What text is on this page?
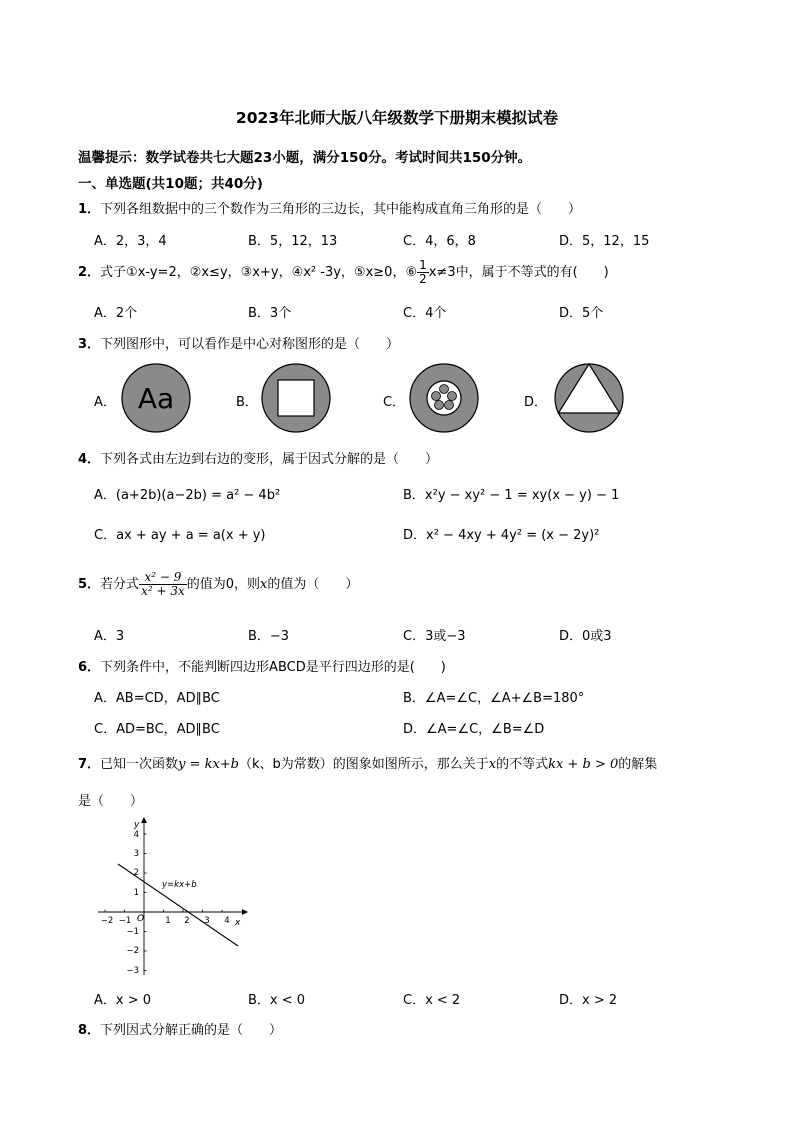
2023年北师大版八年级数学下册期末模拟试卷
温馨提示：数学试卷共七大题23小题，满分150分。考试时间共150分钟。
一、单选题(共10题；共40分)
1．下列各组数据中的三个数作为三角形的三边长，其中能构成直角三角形的是（　　）
A．2，3，4	B．5，12，13	C．4，6，8	D．5，12，15
2．式子①x-y=2，②x≤y，③x+y，④x² -3y，⑤x≥0，⑥ $\frac{1}{2} x\ne 3$中，属于不等式的有(　　)
A．2个	B．3个	C．4个	D．5个
3．下列图形中，可以看作是中心对称图形的是（　　）
A．	B．	C．	D．
Aa
4．下列各式由左边到右边的变形，属于因式分解的是（　　）
A．(a+2b)(a−2b) = a² − 4b²	B．x²y − xy² − 1 = xy(x − y) − 1
C．ax + ay + a = a(x + y)	D．x² − 4xy + 4y² = (x − 2y)²
5．若分式 $\frac{\text{x² − 9}}{\text{x² + 3x}}$ 的值为0，则x的值为（　　）
A．3	B．−3	C．3或−3	D．0或3
6．下列条件中，不能判断四边形ABCD是平行四边形的是(　　)
A．AB=CD，AD∥BC	B．∠A=∠C，∠A+∠B=180°
C．AD=BC，AD∥BC	D．∠A=∠C，∠B=∠D
7．已知一次函数y = kx+b（k、b为常数）的图象如图所示，那么关于x的不等式kx + b > 0的解集
是（　　）
y=kx+b
x
y
O
−2 −1	1 2 3 4
4
3
2
1
−1
−2
−3
A．x > 0	B．x < 0	C．x < 2	D．x > 2
8．下列因式分解正确的是（　　）
